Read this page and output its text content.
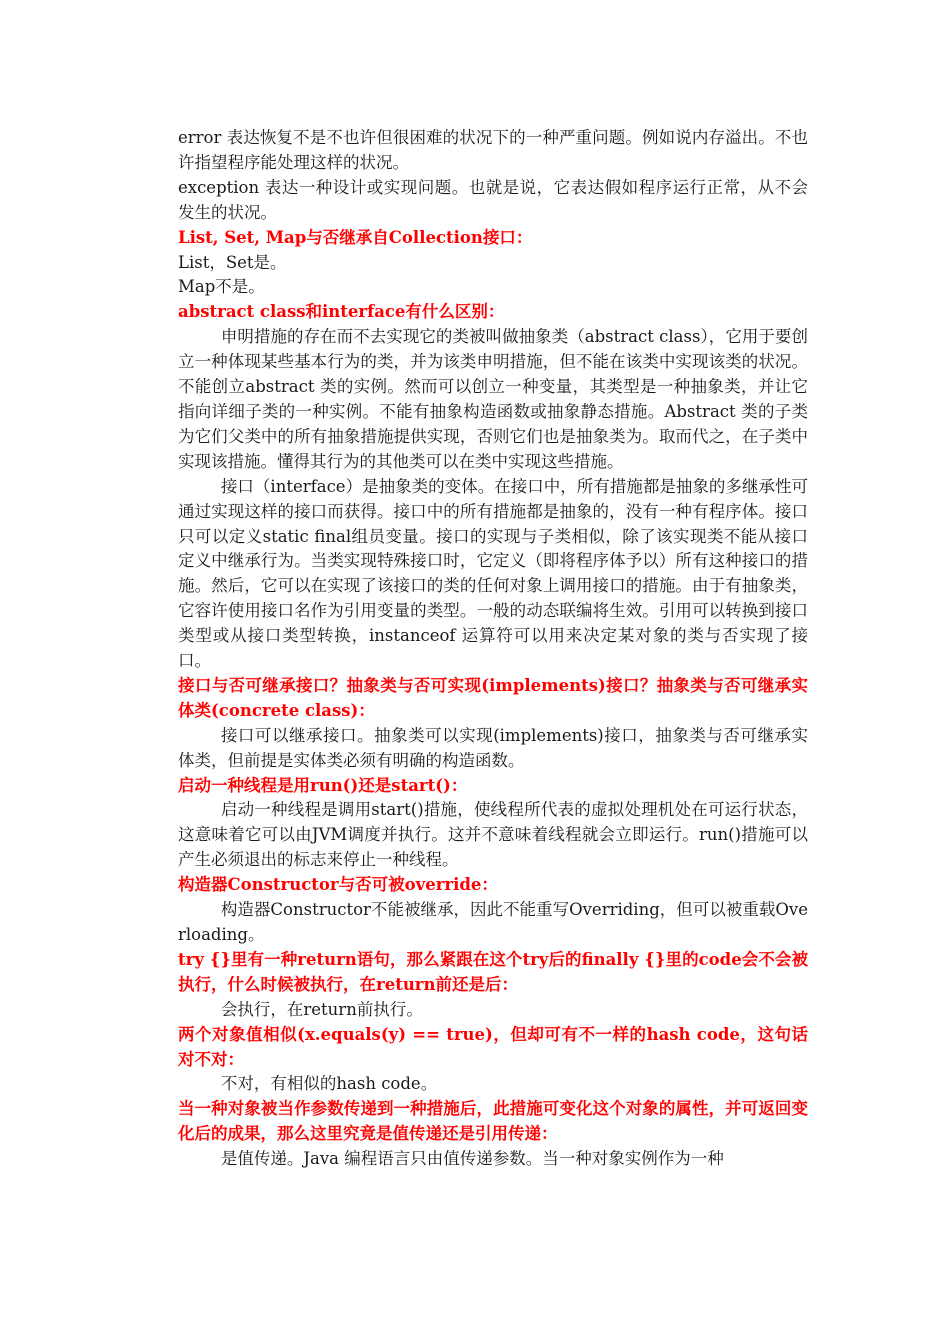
error 表达恢复不是不也许但很困难的状况下的一种严重问题。例如说内存溢出。不也许指望程序能处理这样的状况。

exception 表达一种设计或实现问题。也就是说，它表达假如程序运行正常，从不会发生的状况。

List, Set, Map与否继承自Collection接口：

List，Set是。

Map不是。

abstract class和interface有什么区别：

申明措施的存在而不去实现它的类被叫做抽象类（abstract class），它用于要创立一种体现某些基本行为的类，并为该类申明措施，但不能在该类中实现该类的状况。不能创立abstract 类的实例。然而可以创立一种变量，其类型是一种抽象类，并让它指向详细子类的一种实例。不能有抽象构造函数或抽象静态措施。Abstract 类的子类为它们父类中的所有抽象措施提供实现，否则它们也是抽象类为。取而代之，在子类中实现该措施。懂得其行为的其他类可以在类中实现这些措施。

接口（interface）是抽象类的变体。在接口中，所有措施都是抽象的多继承性可通过实现这样的接口而获得。接口中的所有措施都是抽象的，没有一种有程序体。接口只可以定义static final组员变量。接口的实现与子类相似，除了该实现类不能从接口定义中继承行为。当类实现特殊接口时，它定义（即将程序体予以）所有这种接口的措施。然后，它可以在实现了该接口的类的任何对象上调用接口的措施。由于有抽象类，它容许使用接口名作为引用变量的类型。一般的动态联编将生效。引用可以转换到接口类型或从接口类型转换，instanceof 运算符可以用来决定某对象的类与否实现了接口。

接口与否可继承接口？抽象类与否可实现(implements)接口？抽象类与否可继承实体类(concrete class)：

接口可以继承接口。抽象类可以实现(implements)接口，抽象类与否可继承实体类，但前提是实体类必须有明确的构造函数。

启动一种线程是用run()还是start()：

启动一种线程是调用start()措施，使线程所代表的虚拟处理机处在可运行状态，这意味着它可以由JVM调度并执行。这并不意味着线程就会立即运行。run()措施可以产生必须退出的标志来停止一种线程。

构造器Constructor与否可被override：

构造器Constructor不能被继承，因此不能重写Overriding，但可以被重载Overloading。

try {}里有一种return语句，那么紧跟在这个try后的finally {}里的code会不会被执行，什么时候被执行，在return前还是后：

会执行，在return前执行。

两个对象值相似(x.equals(y) == true)，但却可有不一样的hash code，这句话对不对：

不对，有相似的hash code。

当一种对象被当作参数传递到一种措施后，此措施可变化这个对象的属性，并可返回变化后的成果，那么这里究竟是值传递还是引用传递：

是值传递。Java 编程语言只由值传递参数。当一种对象实例作为一种
